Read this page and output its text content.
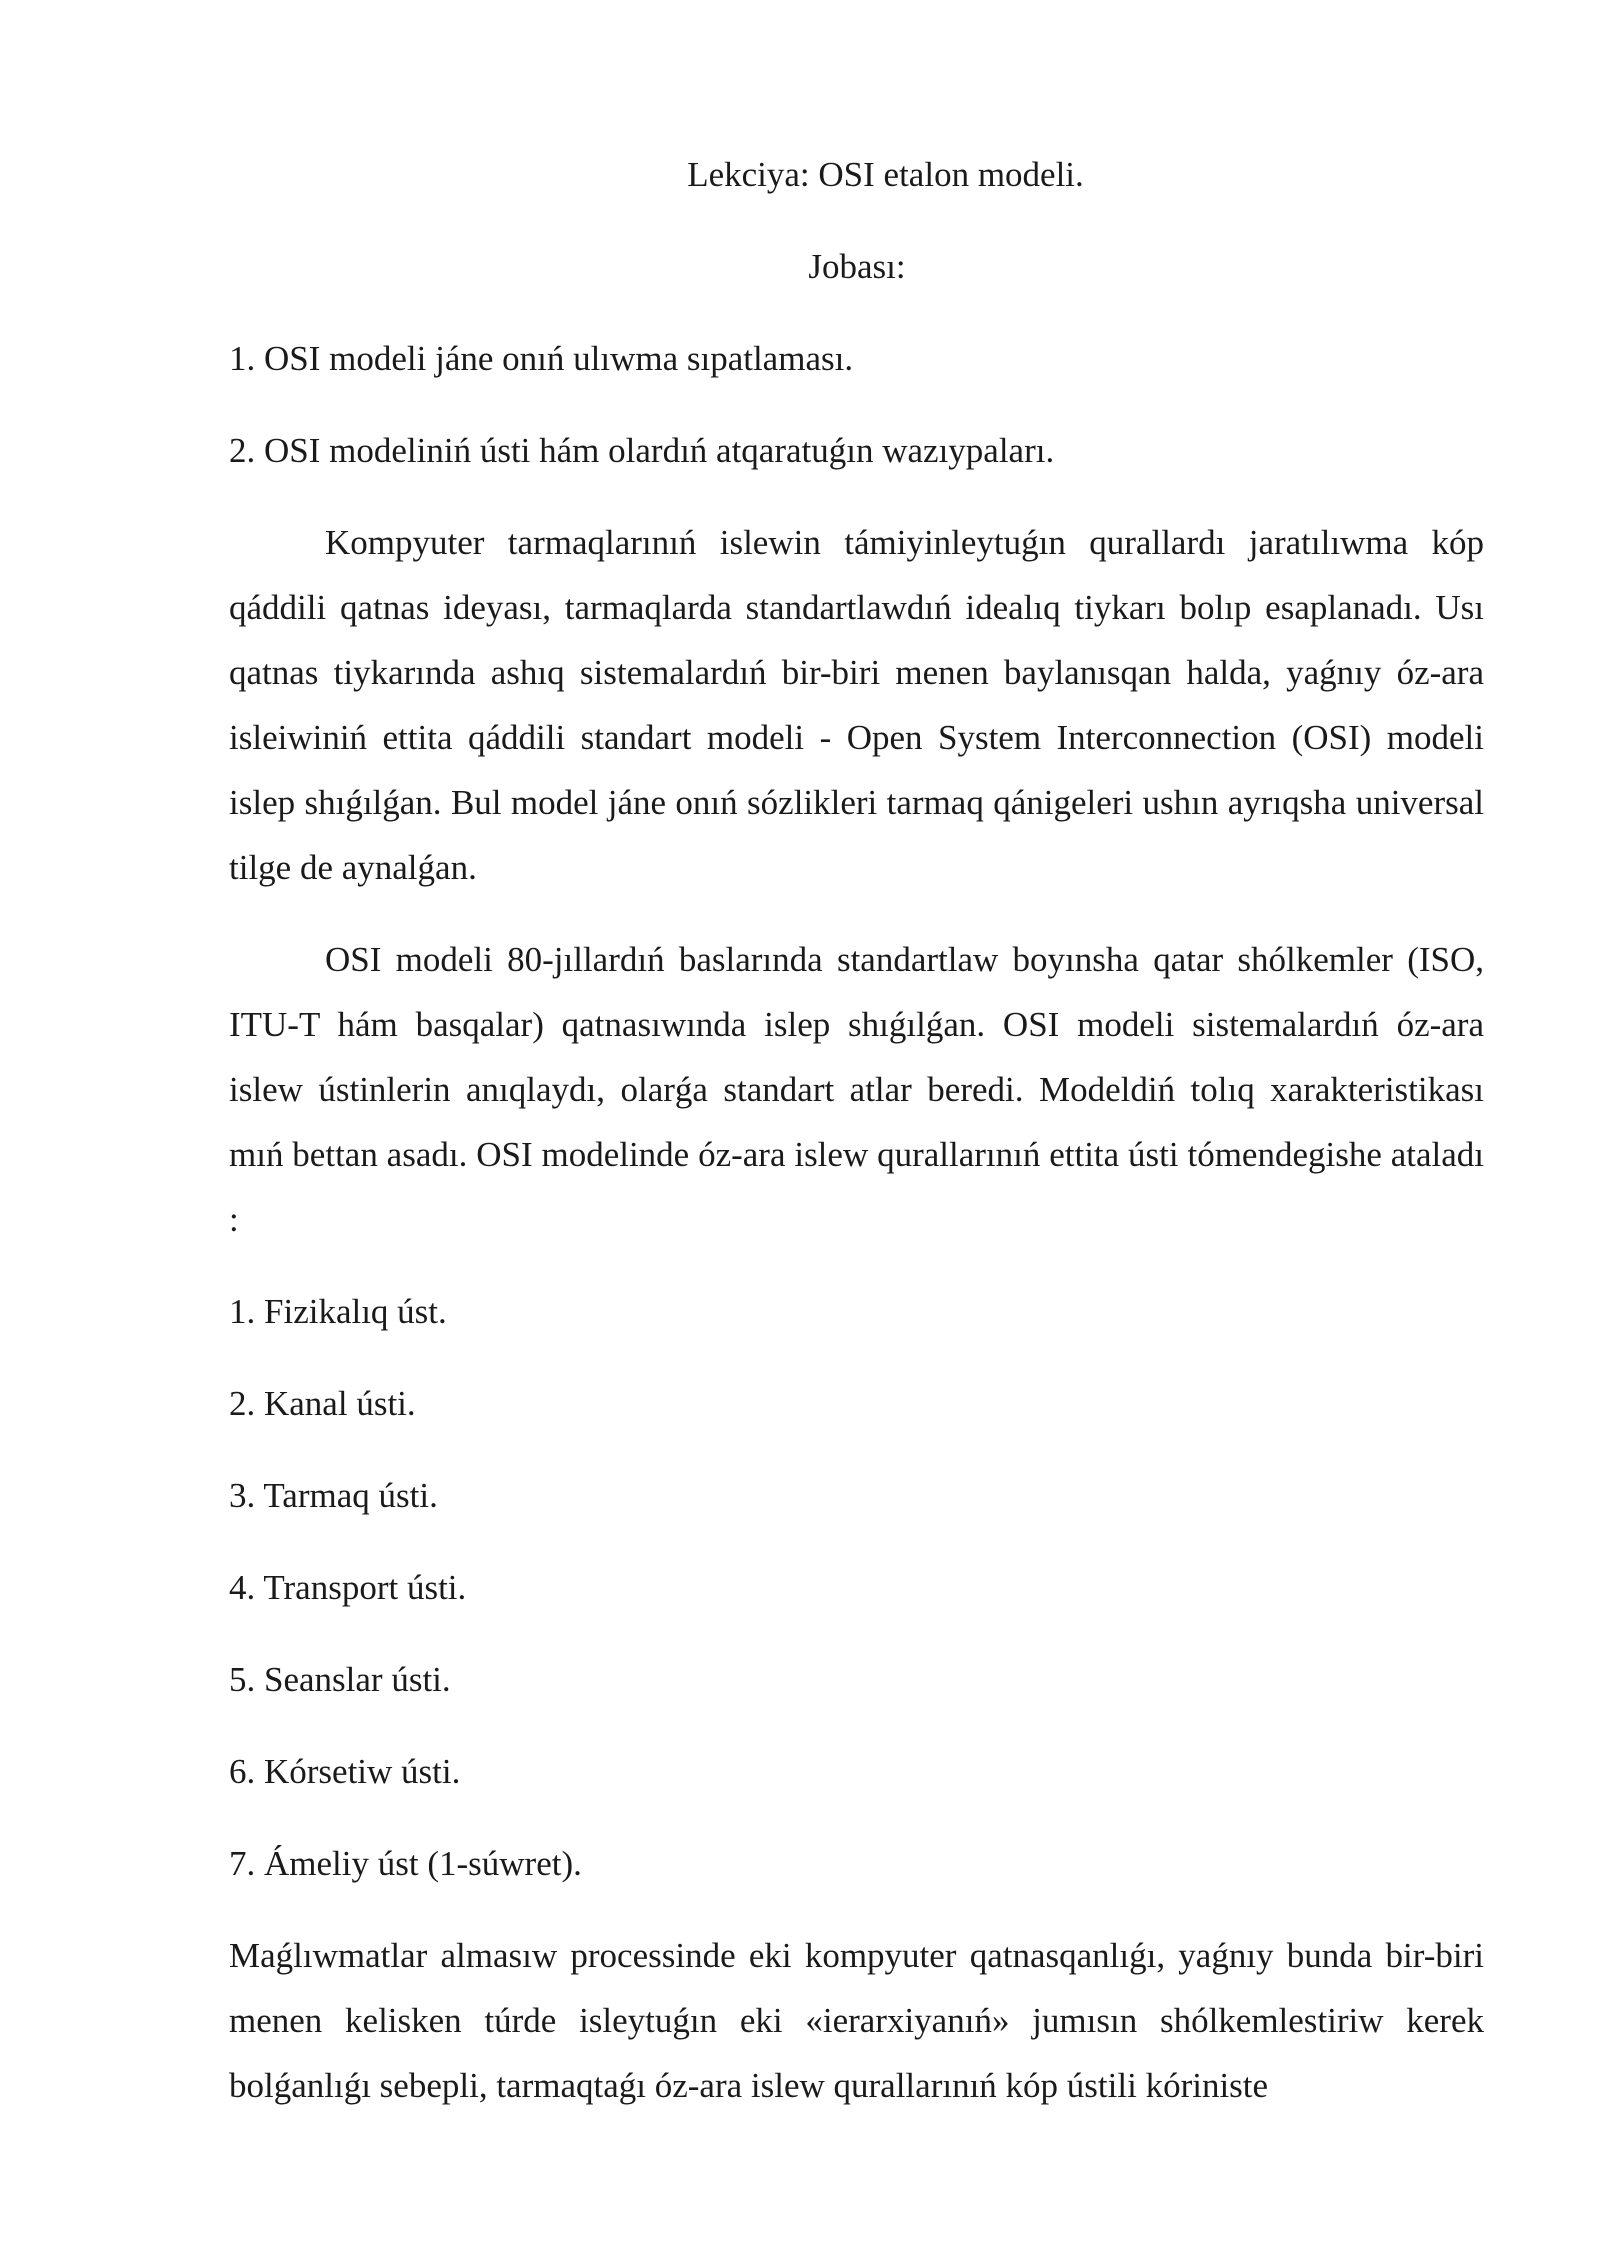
Lekciya: OSI etalon modeli.

Jobası:

1. OSI modeli jáne onıń ulıwma sıpatlaması.

2. OSI modeliniń ústi hám olardıń atqaratuǵın wazıypaları.

Kompyuter tarmaqlarınıń islewin támiyinleytuǵın qurallardı jaratılıwma kóp qáddili qatnas ideyası, tarmaqlarda standartlawdıń idealıq tiykarı bolıp esaplanadı. Usı qatnas tiykarında ashıq sistemalardıń bir-biri menen baylanısqan halda, yaǵnıy óz-ara isleiwiniń ettita qáddili standart modeli - Open System Interconnection (OSI) modeli islep shıǵılǵan. Bul model jáne onıń sózlikleri tarmaq qánigeleri ushın ayrıqsha universal tilge de aynalǵan.

OSI modeli 80-jıllardıń baslarında standartlaw boyınsha qatar shólkemler (ISO, ITU-T hám basqalar) qatnasıwında islep shıǵılǵan. OSI modeli sistemalardıń óz-ara islew ústinlerin anıqlaydı, olarǵa standart atlar beredi. Modeldiń tolıq xarakteristikası mıń bettan asadı. OSI modelinde óz-ara islew qurallarınıń ettita ústi tómendegishe ataladı :

1. Fizikalıq úst.
2. Kanal ústi.
3. Tarmaq ústi.
4. Transport ústi.
5. Seanslar ústi.
6. Kórsetiw ústi.
7. Ámeliy úst (1-súwret).

Maǵlıwmatlar almasıw processinde eki kompyuter qatnasqanlıǵı, yaǵnıy bunda bir-biri menen kelisken túrde isleytuǵın eki «ierarxiyanıń» jumısın shólkemlestiriw kerek bolǵanlıǵı sebepli, tarmaqtaǵı óz-ara islew qurallarınıń kóp ústili kóriniste
